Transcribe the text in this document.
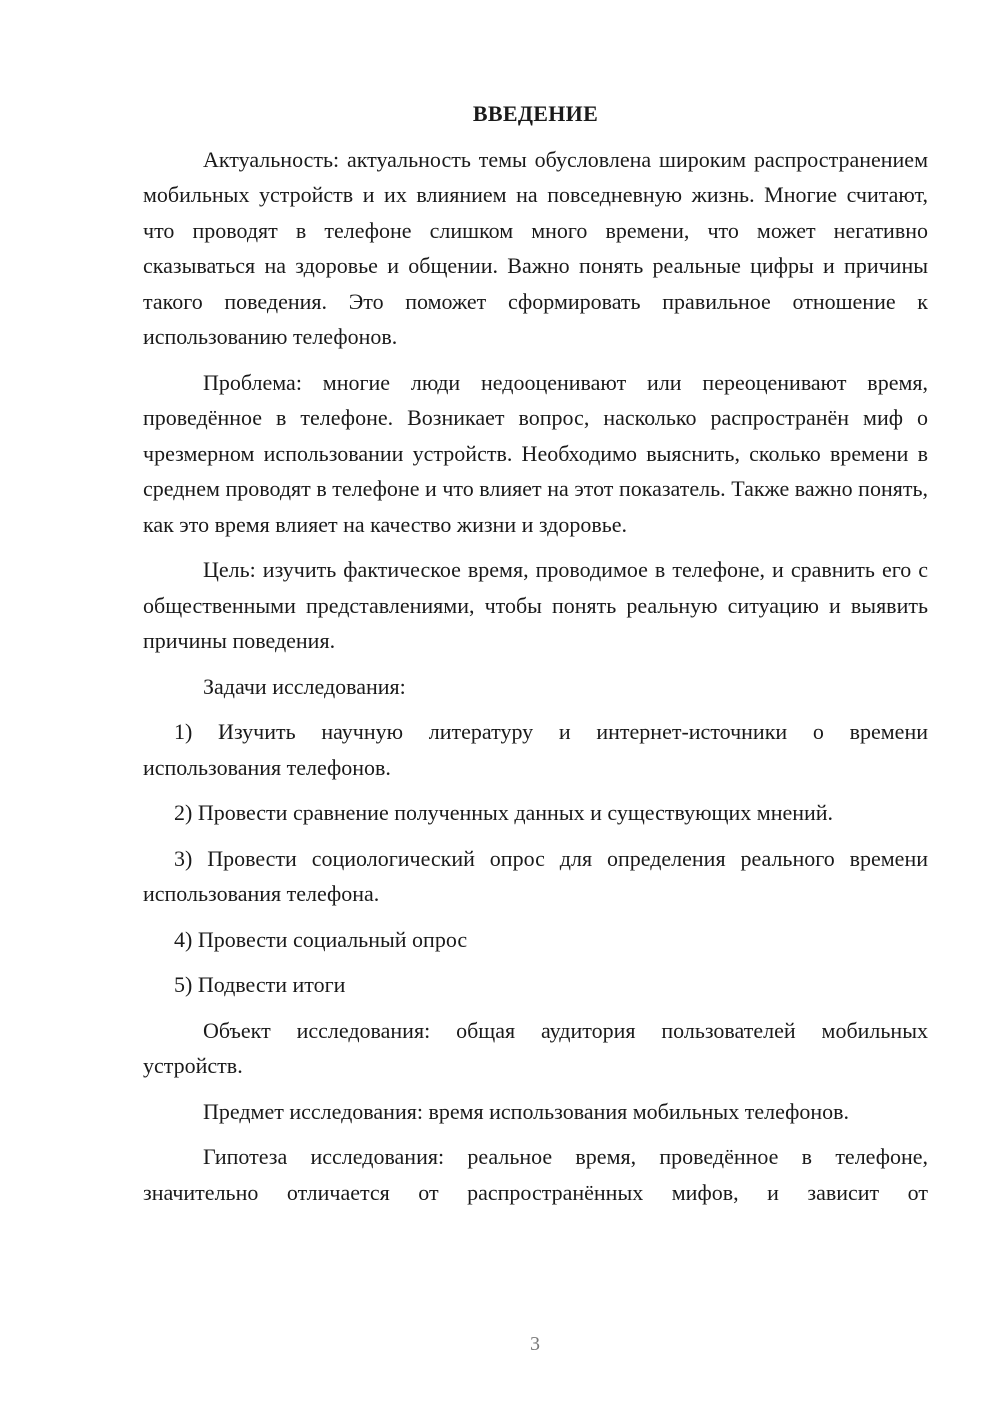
ВВЕДЕНИЕ
Актуальность: актуальность темы обусловлена широким распространением мобильных устройств и их влиянием на повседневную жизнь. Многие считают, что проводят в телефоне слишком много времени, что может негативно сказываться на здоровье и общении. Важно понять реальные цифры и причины такого поведения. Это поможет сформировать правильное отношение к использованию телефонов.
Проблема: многие люди недооценивают или переоценивают время, проведённое в телефоне. Возникает вопрос, насколько распространён миф о чрезмерном использовании устройств. Необходимо выяснить, сколько времени в среднем проводят в телефоне и что влияет на этот показатель. Также важно понять, как это время влияет на качество жизни и здоровье.
Цель: изучить фактическое время, проводимое в телефоне, и сравнить его с общественными представлениями, чтобы понять реальную ситуацию и выявить причины поведения.
Задачи исследования:
1) Изучить научную литературу и интернет-источники о времени использования телефонов.
2) Провести сравнение полученных данных и существующих мнений.
3) Провести социологический опрос для определения реального времени использования телефона.
4) Провести социальный опрос
5) Подвести итоги
Объект исследования: общая аудитория пользователей мобильных устройств.
Предмет исследования: время использования мобильных телефонов.
Гипотеза исследования: реальное время, проведённое в телефоне, значительно отличается от распространённых мифов, и зависит от
3
